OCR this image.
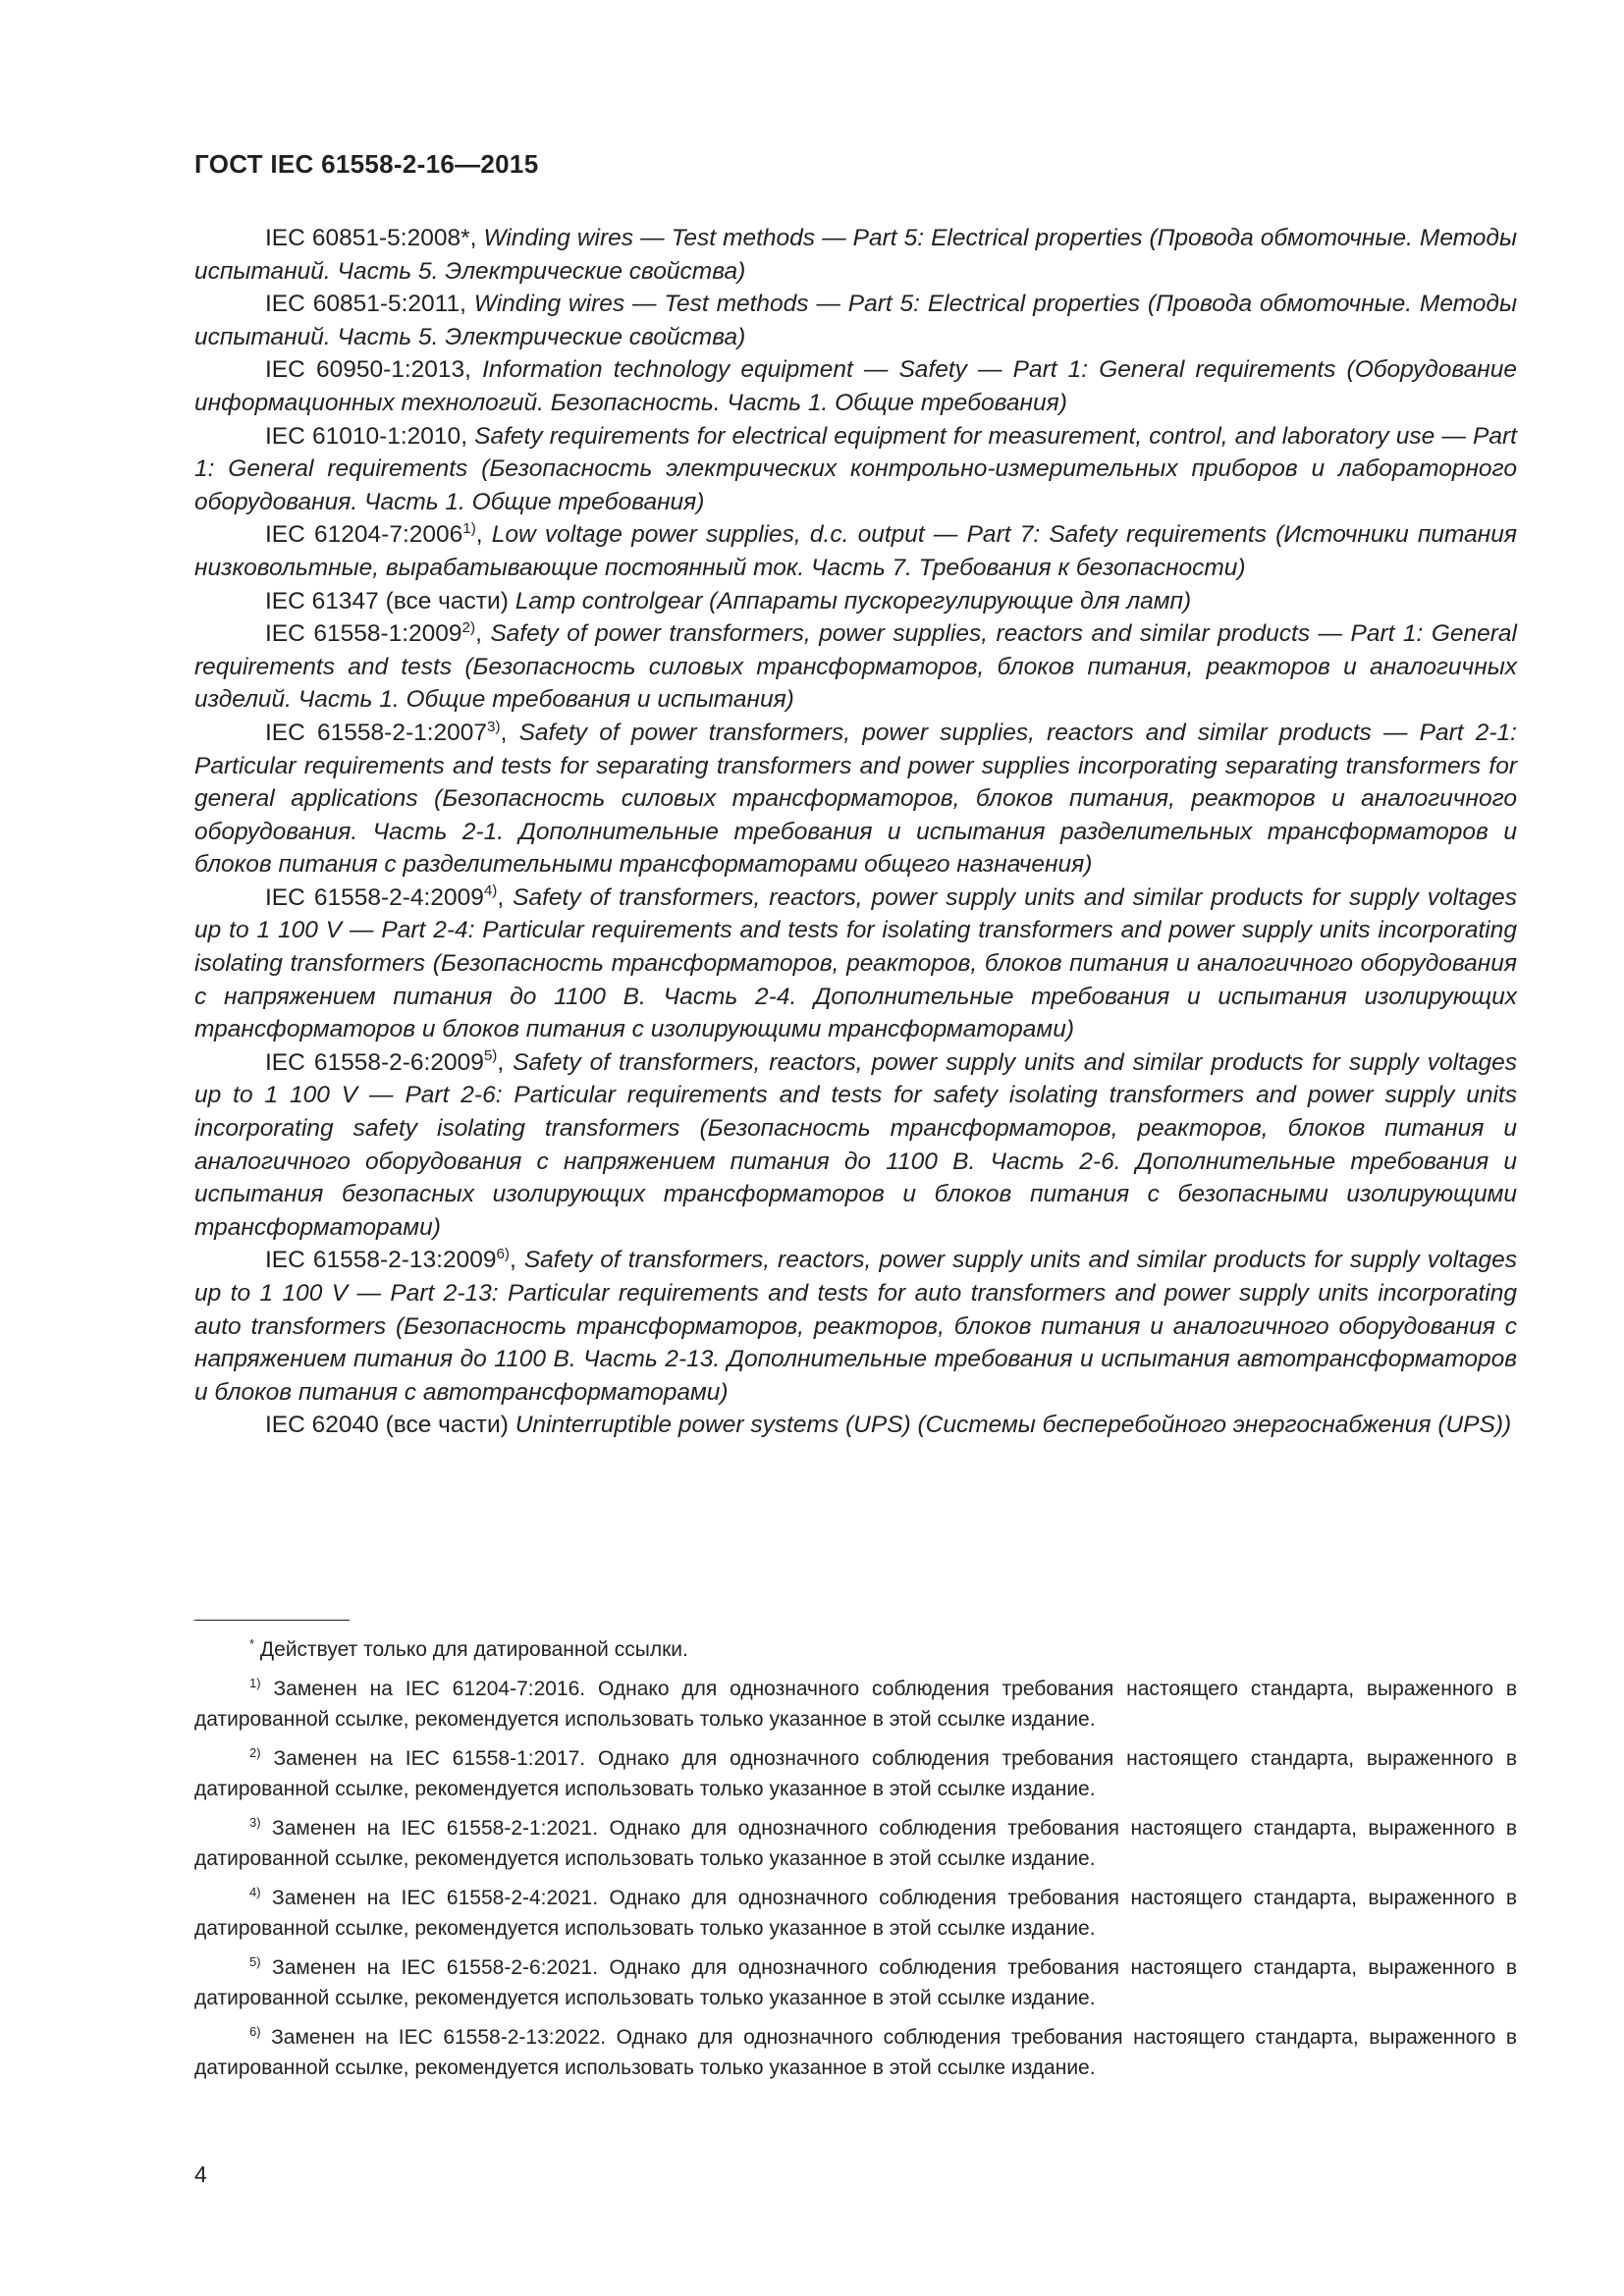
ГОСТ IEC 61558-2-16—2015

IEC 60851-5:2008*, Winding wires — Test methods — Part 5: Electrical properties (Провода обмоточные. Методы испытаний. Часть 5. Электрические свойства)

IEC 60851-5:2011, Winding wires — Test methods — Part 5: Electrical properties (Провода обмоточные. Методы испытаний. Часть 5. Электрические свойства)

IEC 60950-1:2013, Information technology equipment — Safety — Part 1: General requirements (Оборудование информационных технологий. Безопасность. Часть 1. Общие требования)

IEC 61010-1:2010, Safety requirements for electrical equipment for measurement, control, and laboratory use — Part 1: General requirements (Безопасность электрических контрольно-измерительных приборов и лабораторного оборудования. Часть 1. Общие требования)

IEC 61204-7:2006$^{1)}$, Low voltage power supplies, d.c. output — Part 7: Safety requirements (Источники питания низковольтные, вырабатывающие постоянный ток. Часть 7. Требования к безопасности)

IEC 61347 (все части) Lamp controlgear (Аппараты пускорегулирующие для ламп)

IEC 61558-1:2009$^{2)}$, Safety of power transformers, power supplies, reactors and similar products — Part 1: General requirements and tests (Безопасность силовых трансформаторов, блоков питания, реакторов и аналогичных изделий. Часть 1. Общие требования и испытания)

IEC 61558-2-1:2007$^{3)}$, Safety of power transformers, power supplies, reactors and similar products — Part 2-1: Particular requirements and tests for separating transformers and power supplies incorporating separating transformers for general applications (Безопасность силовых трансформаторов, блоков питания, реакторов и аналогичного оборудования. Часть 2-1. Дополнительные требования и испытания разделительных трансформаторов и блоков питания с разделительными трансформаторами общего назначения)

IEC 61558-2-4:2009$^{4)}$, Safety of transformers, reactors, power supply units and similar products for supply voltages up to 1 100 V — Part 2-4: Particular requirements and tests for isolating transformers and power supply units incorporating isolating transformers (Безопасность трансформаторов, реакторов, блоков питания и аналогичного оборудования с напряжением питания до 1100 В. Часть 2-4. Дополнительные требования и испытания изолирующих трансформаторов и блоков питания с изолирующими трансформаторами)

IEC 61558-2-6:2009$^{5)}$, Safety of transformers, reactors, power supply units and similar products for supply voltages up to 1 100 V — Part 2-6: Particular requirements and tests for safety isolating transformers and power supply units incorporating safety isolating transformers (Безопасность трансформаторов, реакторов, блоков питания и аналогичного оборудования с напряжением питания до 1100 В. Часть 2-6. Дополнительные требования и испытания безопасных изолирующих трансформаторов и блоков питания с безопасными изолирующими трансформаторами)

IEC 61558-2-13:2009$^{6)}$, Safety of transformers, reactors, power supply units and similar products for supply voltages up to 1 100 V — Part 2-13: Particular requirements and tests for auto transformers and power supply units incorporating auto transformers (Безопасность трансформаторов, реакторов, блоков питания и аналогичного оборудования с напряжением питания до 1100 В. Часть 2-13. Дополнительные требования и испытания автотрансформаторов и блоков питания с автотрансформаторами)

IEC 62040 (все части) Uninterruptible power systems (UPS) (Системы бесперебойного энергоснабжения (UPS))

* Действует только для датированной ссылки.

$^{1)}$ Заменен на IEC 61204-7:2016. Однако для однозначного соблюдения требования настоящего стандарта, выраженного в датированной ссылке, рекомендуется использовать только указанное в этой ссылке издание.

$^{2)}$ Заменен на IEC 61558-1:2017. Однако для однозначного соблюдения требования настоящего стандарта, выраженного в датированной ссылке, рекомендуется использовать только указанное в этой ссылке издание.

$^{3)}$ Заменен на IEC 61558-2-1:2021. Однако для однозначного соблюдения требования настоящего стандарта, выраженного в датированной ссылке, рекомендуется использовать только указанное в этой ссылке издание.

$^{4)}$ Заменен на IEC 61558-2-4:2021. Однако для однозначного соблюдения требования настоящего стандарта, выраженного в датированной ссылке, рекомендуется использовать только указанное в этой ссылке издание.

$^{5)}$ Заменен на IEC 61558-2-6:2021. Однако для однозначного соблюдения требования настоящего стандарта, выраженного в датированной ссылке, рекомендуется использовать только указанное в этой ссылке издание.

$^{6)}$ Заменен на IEC 61558-2-13:2022. Однако для однозначного соблюдения требования настоящего стандарта, выраженного в датированной ссылке, рекомендуется использовать только указанное в этой ссылке издание.

4
